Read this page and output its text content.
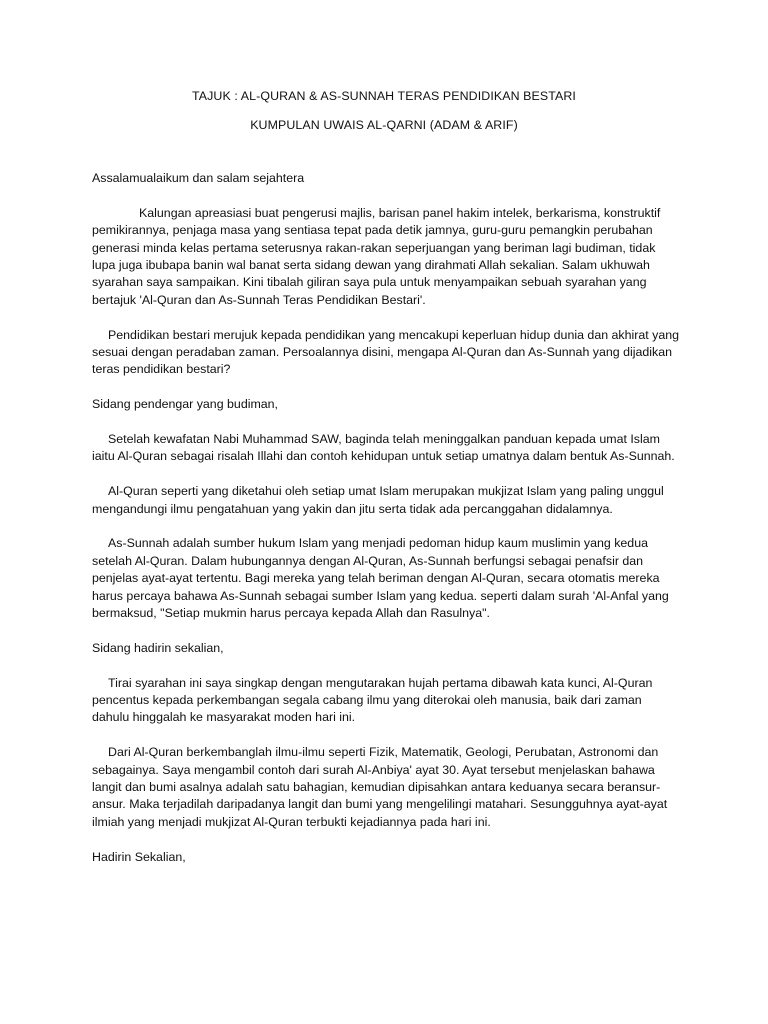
TAJUK : AL-QURAN & AS-SUNNAH TERAS PENDIDIKAN BESTARI
KUMPULAN UWAIS AL-QARNI (ADAM & ARIF)

Assalamualaikum dan salam sejahtera

Kalungan apreasiasi buat pengerusi majlis, barisan panel hakim intelek, berkarisma, konstruktif pemikirannya, penjaga masa yang sentiasa tepat pada detik jamnya, guru-guru pemangkin perubahan generasi minda kelas pertama seterusnya rakan-rakan seperjuangan yang beriman lagi budiman, tidak lupa juga ibubapa banin wal banat serta sidang dewan yang dirahmati Allah sekalian. Salam ukhuwah syarahan saya sampaikan. Kini tibalah giliran saya pula untuk menyampaikan sebuah syarahan yang bertajuk 'Al-Quran dan As-Sunnah Teras Pendidikan Bestari'.

Pendidikan bestari merujuk kepada pendidikan yang mencakupi keperluan hidup dunia dan akhirat yang sesuai dengan peradaban zaman. Persoalannya disini, mengapa Al-Quran dan As-Sunnah yang dijadikan teras pendidikan bestari?

Sidang pendengar yang budiman,

Setelah kewafatan Nabi Muhammad SAW, baginda telah meninggalkan panduan kepada umat Islam iaitu Al-Quran sebagai risalah Illahi dan contoh kehidupan untuk setiap umatnya dalam bentuk As-Sunnah.

Al-Quran seperti yang diketahui oleh setiap umat Islam merupakan mukjizat Islam yang paling unggul mengandungi ilmu pengatahuan yang yakin dan jitu serta tidak ada percanggahan didalamnya.

As-Sunnah adalah sumber hukum Islam yang menjadi pedoman hidup kaum muslimin yang kedua setelah Al-Quran. Dalam hubungannya dengan Al-Quran, As-Sunnah berfungsi sebagai penafsir dan penjelas ayat-ayat tertentu. Bagi mereka yang telah beriman dengan Al-Quran, secara otomatis mereka harus percaya bahawa As-Sunnah sebagai sumber Islam yang kedua. seperti dalam surah 'Al-Anfal yang bermaksud, "Setiap mukmin harus percaya kepada Allah dan Rasulnya".

Sidang hadirin sekalian,

Tirai syarahan ini saya singkap dengan mengutarakan hujah pertama dibawah kata kunci, Al-Quran pencentus kepada perkembangan segala cabang ilmu yang diterokai oleh manusia, baik dari zaman dahulu hinggalah ke masyarakat moden hari ini.

Dari Al-Quran berkembanglah ilmu-ilmu seperti Fizik, Matematik, Geologi, Perubatan, Astronomi dan sebagainya. Saya mengambil contoh dari surah Al-Anbiya' ayat 30. Ayat tersebut menjelaskan bahawa langit dan bumi asalnya adalah satu bahagian, kemudian dipisahkan antara keduanya secara beransur-ansur. Maka terjadilah daripadanya langit dan bumi yang mengelilingi matahari. Sesungguhnya ayat-ayat ilmiah yang menjadi mukjizat Al-Quran terbukti kejadiannya pada hari ini.

Hadirin Sekalian,
